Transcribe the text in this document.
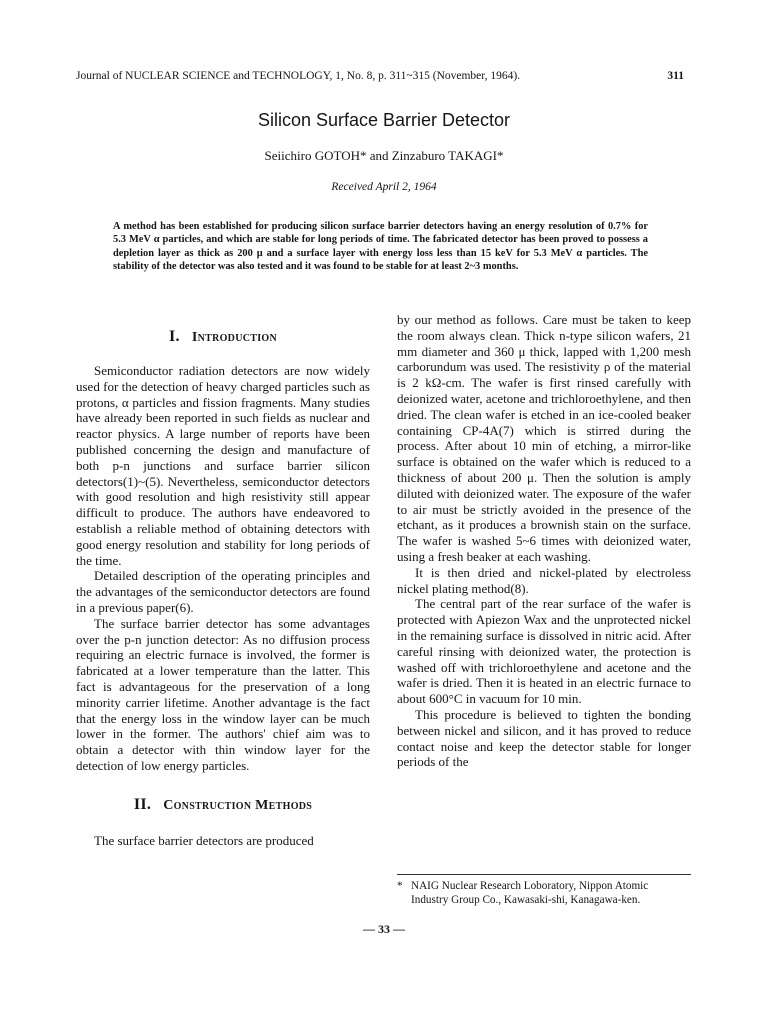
Journal of NUCLEAR SCIENCE and TECHNOLOGY, 1, No. 8, p. 311~315 (November, 1964).	311
Silicon Surface Barrier Detector
Seiichiro GOTOH* and Zinzaburo TAKAGI*
Received April 2, 1964
A method has been established for producing silicon surface barrier detectors having an energy resolution of 0.7% for 5.3 MeV α particles, and which are stable for long periods of time. The fabricated detector has been proved to possess a depletion layer as thick as 200 μ and a surface layer with energy loss less than 15 keV for 5.3 MeV α particles. The stability of the detector was also tested and it was found to be stable for at least 2~3 months.
I. Introduction

Semiconductor radiation detectors are now widely used for the detection of heavy charged particles such as protons, α particles and fission fragments. Many studies have already been reported in such fields as nuclear and reactor physics. A large number of reports have been published concerning the design and manufacture of both p-n junctions and surface barrier silicon detectors(1)~(5). Nevertheless, semiconductor detectors with good resolution and high resistivity still appear difficult to produce. The authors have endeavored to establish a reliable method of obtaining detectors with good energy resolution and stability for long periods of the time.

Detailed description of the operating principles and the advantages of the semiconductor detectors are found in a previous paper(6).

The surface barrier detector has some advantages over the p-n junction detector: As no diffusion process requiring an electric furnace is involved, the former is fabricated at a lower temperature than the latter. This fact is advantageous for the preservation of a long minority carrier lifetime. Another advantage is the fact that the energy loss in the window layer can be much lower in the former. The authors' chief aim was to obtain a detector with thin window layer for the detection of low energy particles.

II. Construction Methods

The surface barrier detectors are produced

by our method as follows. Care must be taken to keep the room always clean. Thick n-type silicon wafers, 21 mm diameter and 360 μ thick, lapped with 1,200 mesh carborundum was used. The resistivity ρ of the material is 2 kΩ-cm. The wafer is first rinsed carefully with deionized water, acetone and trichloroethylene, and then dried. The clean wafer is etched in an ice-cooled beaker containing CP-4A(7) which is stirred during the process. After about 10 min of etching, a mirror-like surface is obtained on the wafer which is reduced to a thickness of about 200 μ. Then the solution is amply diluted with deionized water. The exposure of the wafer to air must be strictly avoided in the presence of the etchant, as it produces a brownish stain on the surface. The wafer is washed 5~6 times with deionized water, using a fresh beaker at each washing.

It is then dried and nickel-plated by electroless nickel plating method(8).

The central part of the rear surface of the wafer is protected with Apiezon Wax and the unprotected nickel in the remaining surface is dissolved in nitric acid. After careful rinsing with deionized water, the protection is washed off with trichloroethylene and acetone and the wafer is dried. Then it is heated in an electric furnace to about 600°C in vacuum for 10 min.

This procedure is believed to tighten the bonding between nickel and silicon, and it has proved to reduce contact noise and keep the detector stable for longer periods of the

* NAIG Nuclear Research Loboratory, Nippon Atomic
Industry Group Co., Kawasaki-shi, Kanagawa-ken.
— 33 —
